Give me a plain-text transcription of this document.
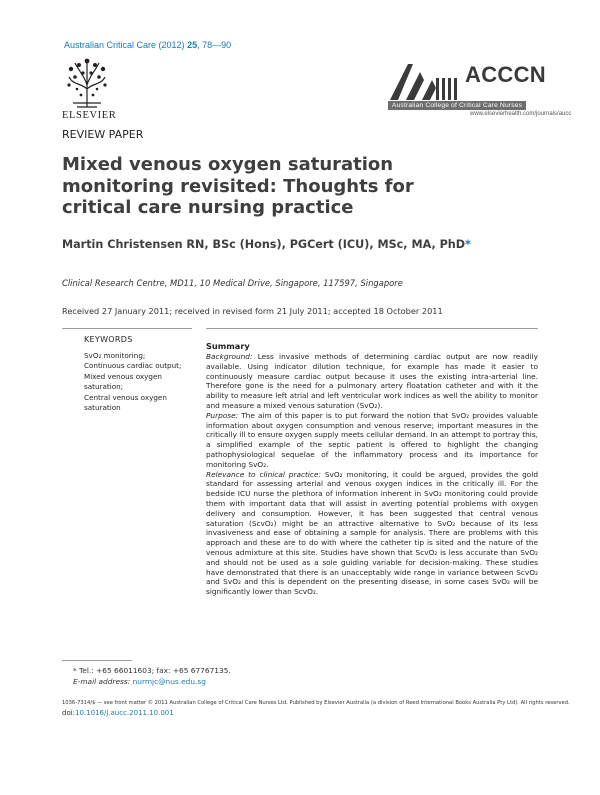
Australian Critical Care (2012) 25, 78—90
ELSEVIER
ACCCN
Australian College of Critical Care Nurses
www.elsevierhealth.com/journals/aucc
REVIEW PAPER
Mixed venous oxygen saturation monitoring revisited: Thoughts for critical care nursing practice
Martin Christensen RN, BSc (Hons), PGCert (ICU), MSc, MA, PhD*
Clinical Research Centre, MD11, 10 Medical Drive, Singapore, 117597, Singapore
Received 27 January 2011; received in revised form 21 July 2011; accepted 18 October 2011
KEYWORDS
SvO₂ monitoring;
Continuous cardiac output;
Mixed venous oxygen saturation;
Central venous oxygen saturation
Summary

Background: Less invasive methods of determining cardiac output are now readily available. Using indicator dilution technique, for example has made it easier to continuously measure cardiac output because it uses the existing intra-arterial line. Therefore gone is the need for a pulmonary artery floatation catheter and with it the ability to measure left atrial and left ventricular work indices as well the ability to monitor and measure a mixed venous saturation (SvO₂).

Purpose: The aim of this paper is to put forward the notion that SvO₂ provides valuable information about oxygen consumption and venous reserve; important measures in the critically ill to ensure oxygen supply meets cellular demand. In an attempt to portray this, a simplified example of the septic patient is offered to highlight the changing pathophysiological sequelae of the inflammatory process and its importance for monitoring SvO₂.

Relevance to clinical practice: SvO₂ monitoring, it could be argued, provides the gold standard for assessing arterial and venous oxygen indices in the critically ill. For the bedside ICU nurse the plethora of information inherent in SvO₂ monitoring could provide them with important data that will assist in averting potential problems with oxygen delivery and consumption. However, it has been suggested that central venous saturation (ScvO₂) might be an attractive alternative to SvO₂ because of its less invasiveness and ease of obtaining a sample for analysis. There are problems with this approach and these are to do with where the catheter tip is sited and the nature of the venous admixture at this site. Studies have shown that ScvO₂ is less accurate than SvO₂ and should not be used as a sole guiding variable for decision-making. These studies have demonstrated that there is an unacceptably wide range in variance between ScvO₂ and SvO₂ and this is dependent on the presenting disease, in some cases SvO₂ will be significantly lower than ScvO₂.

* Tel.: +65 66011603; fax: +65 67767135.
E-mail address: nurmjc@nus.edu.sg
1036-7314/$ — see front matter © 2011 Australian College of Critical Care Nurses Ltd. Published by Elsevier Australia (a division of Reed International Books Australia Pty Ltd). All rights reserved.
doi:10.1016/j.aucc.2011.10.001
